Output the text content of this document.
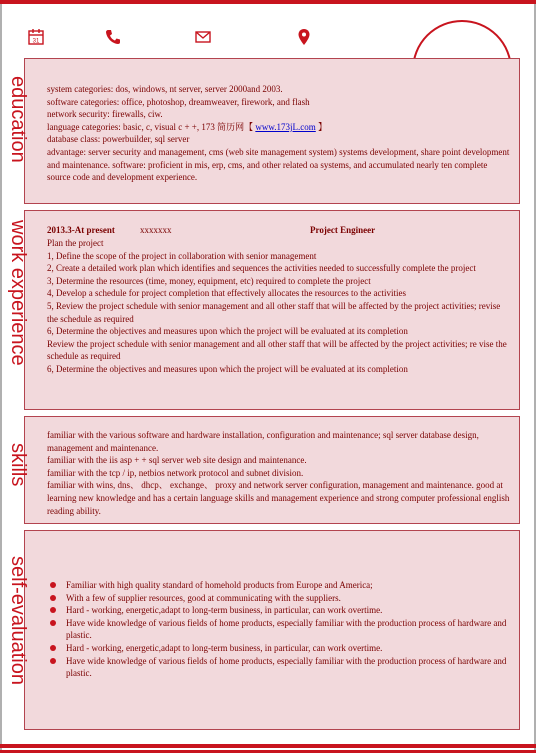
31

system categories: dos, windows, nt server, server 2000and 2003.

software categories: office, photoshop, dreamweaver, firework, and flash

network security: firewalls, ciw.

language categories: basic, c, visual c + +, 173 简历网【 www.173jL.com 】

database class: powerbuilder, sql server

advantage: server security and management, cms (web site management system) systems development, share point development and maintenance. software: proficient in mis, erp, cms, and other related oa systems, and accumulated nearly ten complete source code and development experience.

education

2013.3-At present	xxxxxxx	Project Engineer

Plan the project

1, Define the scope of the project in collaboration with senior management

2, Create a detailed work plan which identifies and sequences the activities needed to successfully complete the project

3, Determine the resources (time, money, equipment, etc) required to complete the project

4, Develop a schedule for project completion that effectively allocates the resources to the activities

5, Review the project schedule with senior management and all other staff that will be affected by the project activities; revise the schedule as required

6, Determine the objectives and measures upon which the project will be evaluated at its completion

Review the project schedule with senior management and all other staff that will be affected by the project activities; re vise the schedule as required

6, Determine the objectives and measures upon which the project will be evaluated at its completion

work experience

familiar with the various software and hardware installation, configuration and maintenance; sql server database design, management and maintenance.

familiar with the iis asp + + sql server web site design and maintenance.

familiar with the tcp / ip, netbios network protocol and subnet division.

familiar with wins, dns、 dhcp、 exchange、 proxy and network server configuration, management and maintenance. good at learning new knowledge and has a certain language skills and management experience and strong computer professional english reading ability.

skills
Familiar with high quality standard of homehold products from Europe and America;
With a few of supplier resources, good at communicating with the suppliers.
Hard - working, energetic,adapt to long-term business, in particular, can work overtime.
Have wide knowledge of various fields of home products, especially familiar with the production process of hardware and plastic.
Hard - working, energetic,adapt to long-term business, in particular, can work overtime.
Have wide knowledge of various fields of home products, especially familiar with the production process of hardware and plastic.
self-evaluation
